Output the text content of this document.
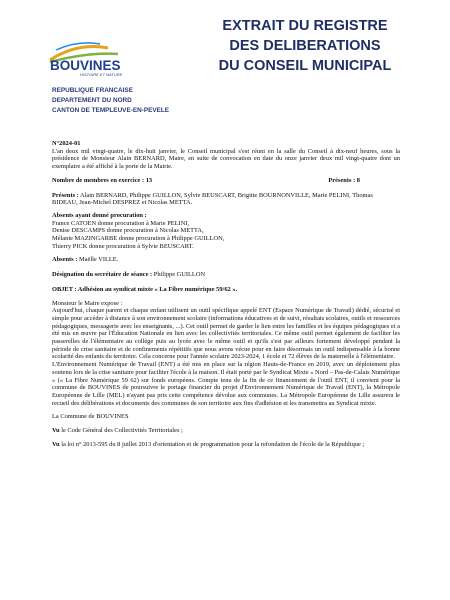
BOUVINES
HISTOIRE ET NATURE
EXTRAIT DU REGISTRE
DES DELIBERATIONS
DU CONSEIL MUNICIPAL
REPUBLIQUE FRANCAISE
DEPARTEMENT DU NORD
CANTON DE TEMPLEUVE-EN-PEVELE

N°2024-01

L'an deux mil vingt-quatre, le dix-huit janvier, le Conseil municipal s'est réuni en la salle du Conseil à dix-neuf heures, sous la présidence de Monsieur Alain BERNARD, Maire, en suite de convocation en date du onze janvier deux mil vingt-quatre dont un exemplaire a été affiché à la porte de la Mairie.

Nombre de membres en exercice : 13	Présents : 8

Présents : Alain BERNARD, Philippe GUILLON, Sylvie BEUSCART, Brigitte BOURNONVILLE, Marie PELINI, Thomas BIDEAU, Jean-Michel DESPREZ et Nicolas METTA.

Absents ayant donné procuration :

France CATOEN donne procuration à Marie PELINI,

Denise DESCAMPS donne procuration à Nicolas METTA,

Mélanie MAZINGARBE donne procuration à Philippe GUILLON,

Thierry PICK donne procuration à Sylvie BEUSCART.

Absents : Maëlle VILLE.

Désignation du secrétaire de séance : Philippe GUILLON

OBJET : Adhésion au syndicat mixte « La Fibre numérique 59/62 ».

Monsieur le Maire expose :

Aujourd'hui, chaque parent et chaque enfant utilisent un outil spécifique appelé ENT (Espace Numérique de Travail) dédié, sécurisé et simple pour accéder à distance à son environnement scolaire (informations éducatives et de suivi, résultats scolaires, outils et ressources pédagogiques, messagerie avec les enseignants, ...). Cet outil permet de garder le lien entre les familles et les équipes pédagogiques et a été mis en œuvre par l'Éducation Nationale en lien avec les collectivités territoriales. Ce même outil permet également de faciliter les passerelles de l'élémentaire au collège puis au lycée avec le même outil et qu'ils s'est par ailleurs fortement développé pendant la période de crise sanitaire et de confinements répétitifs que nous avons vécue pour en faire désormais un outil indispensable à la bonne scolarité des enfants du territoire. Cela concerne pour l'année scolaire 2023-2024, 1 école et 72 élèves de la maternelle à l'élémentaire.

L'Environnement Numérique de Travail (ENT) a été mis en place sur la région Hauts-de-France en 2019, avec un déploiement plus soutenu lors de la crise sanitaire pour faciliter l'école à la maison. Il était porté par le Syndicat Mixte « Nord – Pas-de-Calais Numérique » (« La Fibre Numérique 59 62) sur fonds européens. Compte tenu de la fin de ce financement de l'outil ENT, il convient pour la commune de BOUVINES de poursuivre le portage financier du projet d'Environnement Numérique de Travail (ENT), la Métropole Européenne de Lille (MEL) n'ayant pas pris cette compétence dévolue aux communes. La Métropole Européenne de Lille assurera le recueil des délibérations et documents des communes de son territoire aux fins d'adhésion et les transmettra au Syndicat mixte.

La Commune de BOUVINES

Vu le Code Général des Collectivités Territoriales ;

Vu la loi n° 2013-595 du 8 juillet 2013 d'orientation et de programmation pour la refondation de l'école de la République ;
